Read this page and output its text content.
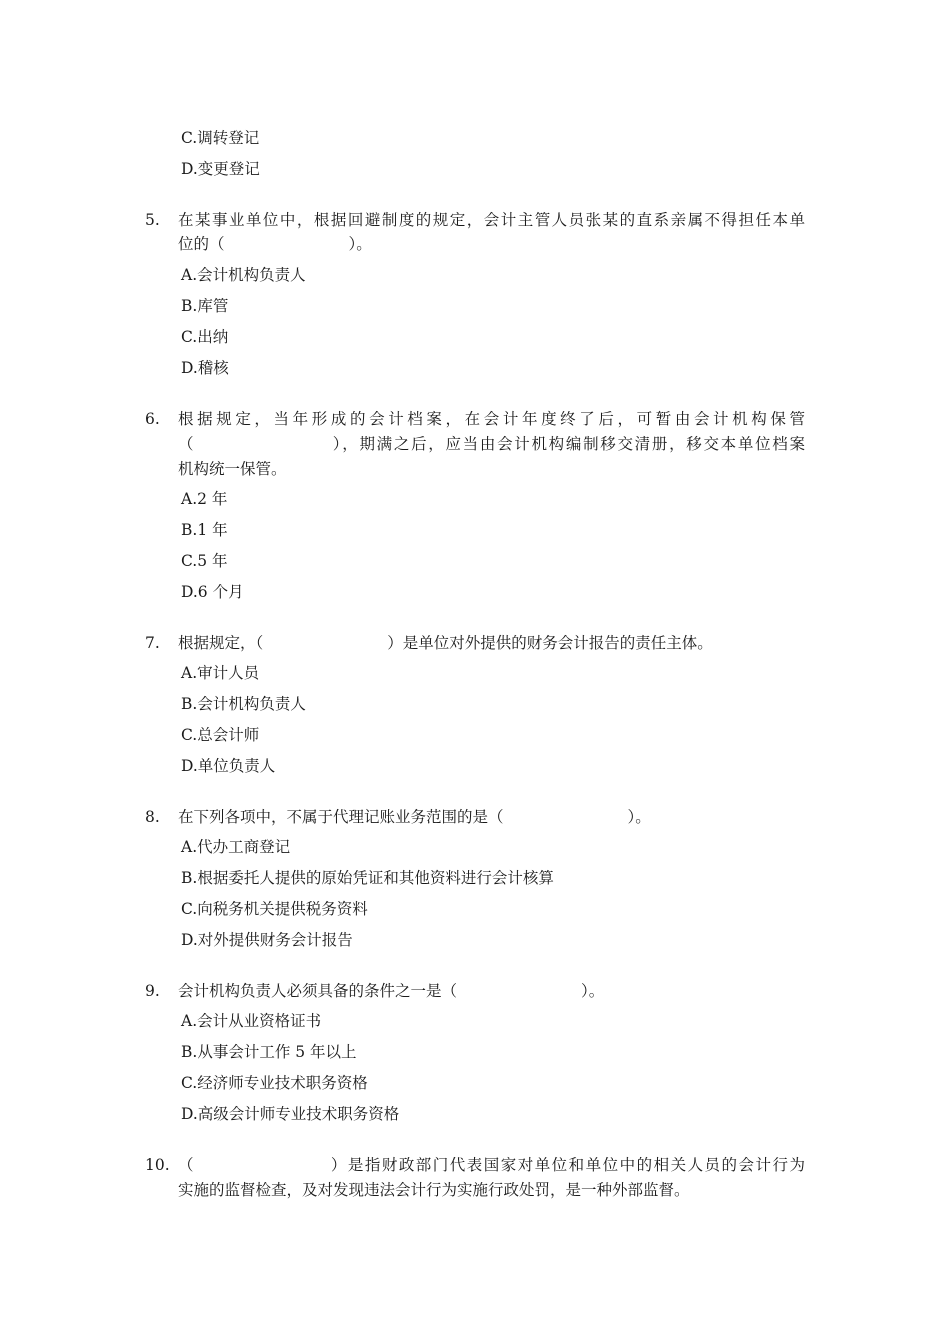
C.调转登记
D.变更登记
5. 在某事业单位中，根据回避制度的规定，会计主管人员张某的直系亲属不得担任本单
位的（　　　　　　　　）。
A.会计机构负责人
B.库管
C.出纳
D.稽核
6. 根据规定，当年形成的会计档案，在会计年度终了后，可暂由会计机构保管
（　　　　　　　　），期满之后，应当由会计机构编制移交清册，移交本单位档案
机构统一保管。
A.2 年
B.1 年
C.5 年
D.6 个月
7. 根据规定，（　　　　　　　　）是单位对外提供的财务会计报告的责任主体。
A.审计人员
B.会计机构负责人
C.总会计师
D.单位负责人
8. 在下列各项中，不属于代理记账业务范围的是（　　　　　　　　）。
A.代办工商登记
B.根据委托人提供的原始凭证和其他资料进行会计核算
C.向税务机关提供税务资料
D.对外提供财务会计报告
9. 会计机构负责人必须具备的条件之一是（　　　　　　　　）。
A.会计从业资格证书
B.从事会计工作 5 年以上
C.经济师专业技术职务资格
D.高级会计师专业技术职务资格
10. （　　　　　　　　）是指财政部门代表国家对单位和单位中的相关人员的会计行为
实施的监督检查，及对发现违法会计行为实施行政处罚，是一种外部监督。
